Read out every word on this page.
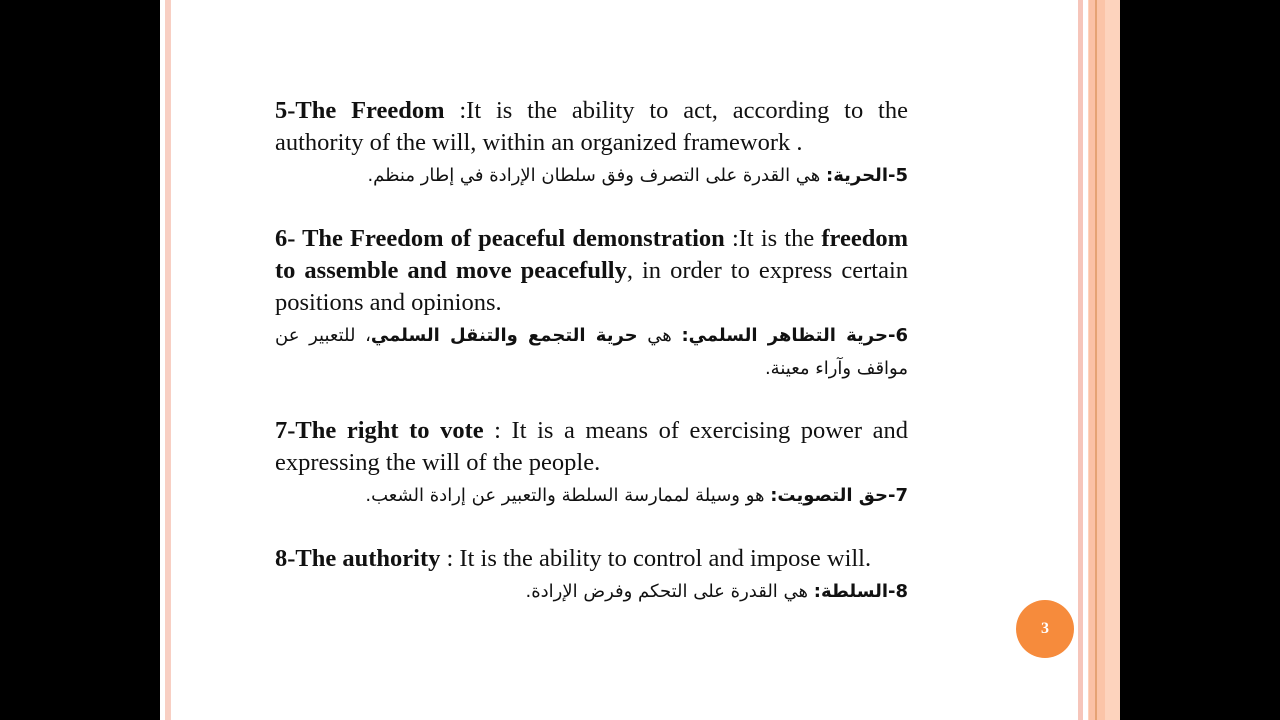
5-The Freedom :It is the ability to act, according to the authority of the will, within an organized framework .
5-الحرية: هي القدرة على التصرف وفق سلطان الإرادة في إطار منظم.
6- The Freedom of peaceful demonstration :It is the freedom to assemble and move peacefully, in order to express certain positions and opinions.
6-حرية التظاهر السلمي: هي حرية التجمع والتنقل السلمي، للتعبير عن مواقف وآراء معينة.
7-The right to vote : It is a means of exercising power and expressing the will of the people.
7-حق التصويت: هو وسيلة لممارسة السلطة والتعبير عن إرادة الشعب.
8-The authority : It is the ability to control and impose will.
8-السلطة: هي القدرة على التحكم وفرض الإرادة.
3
